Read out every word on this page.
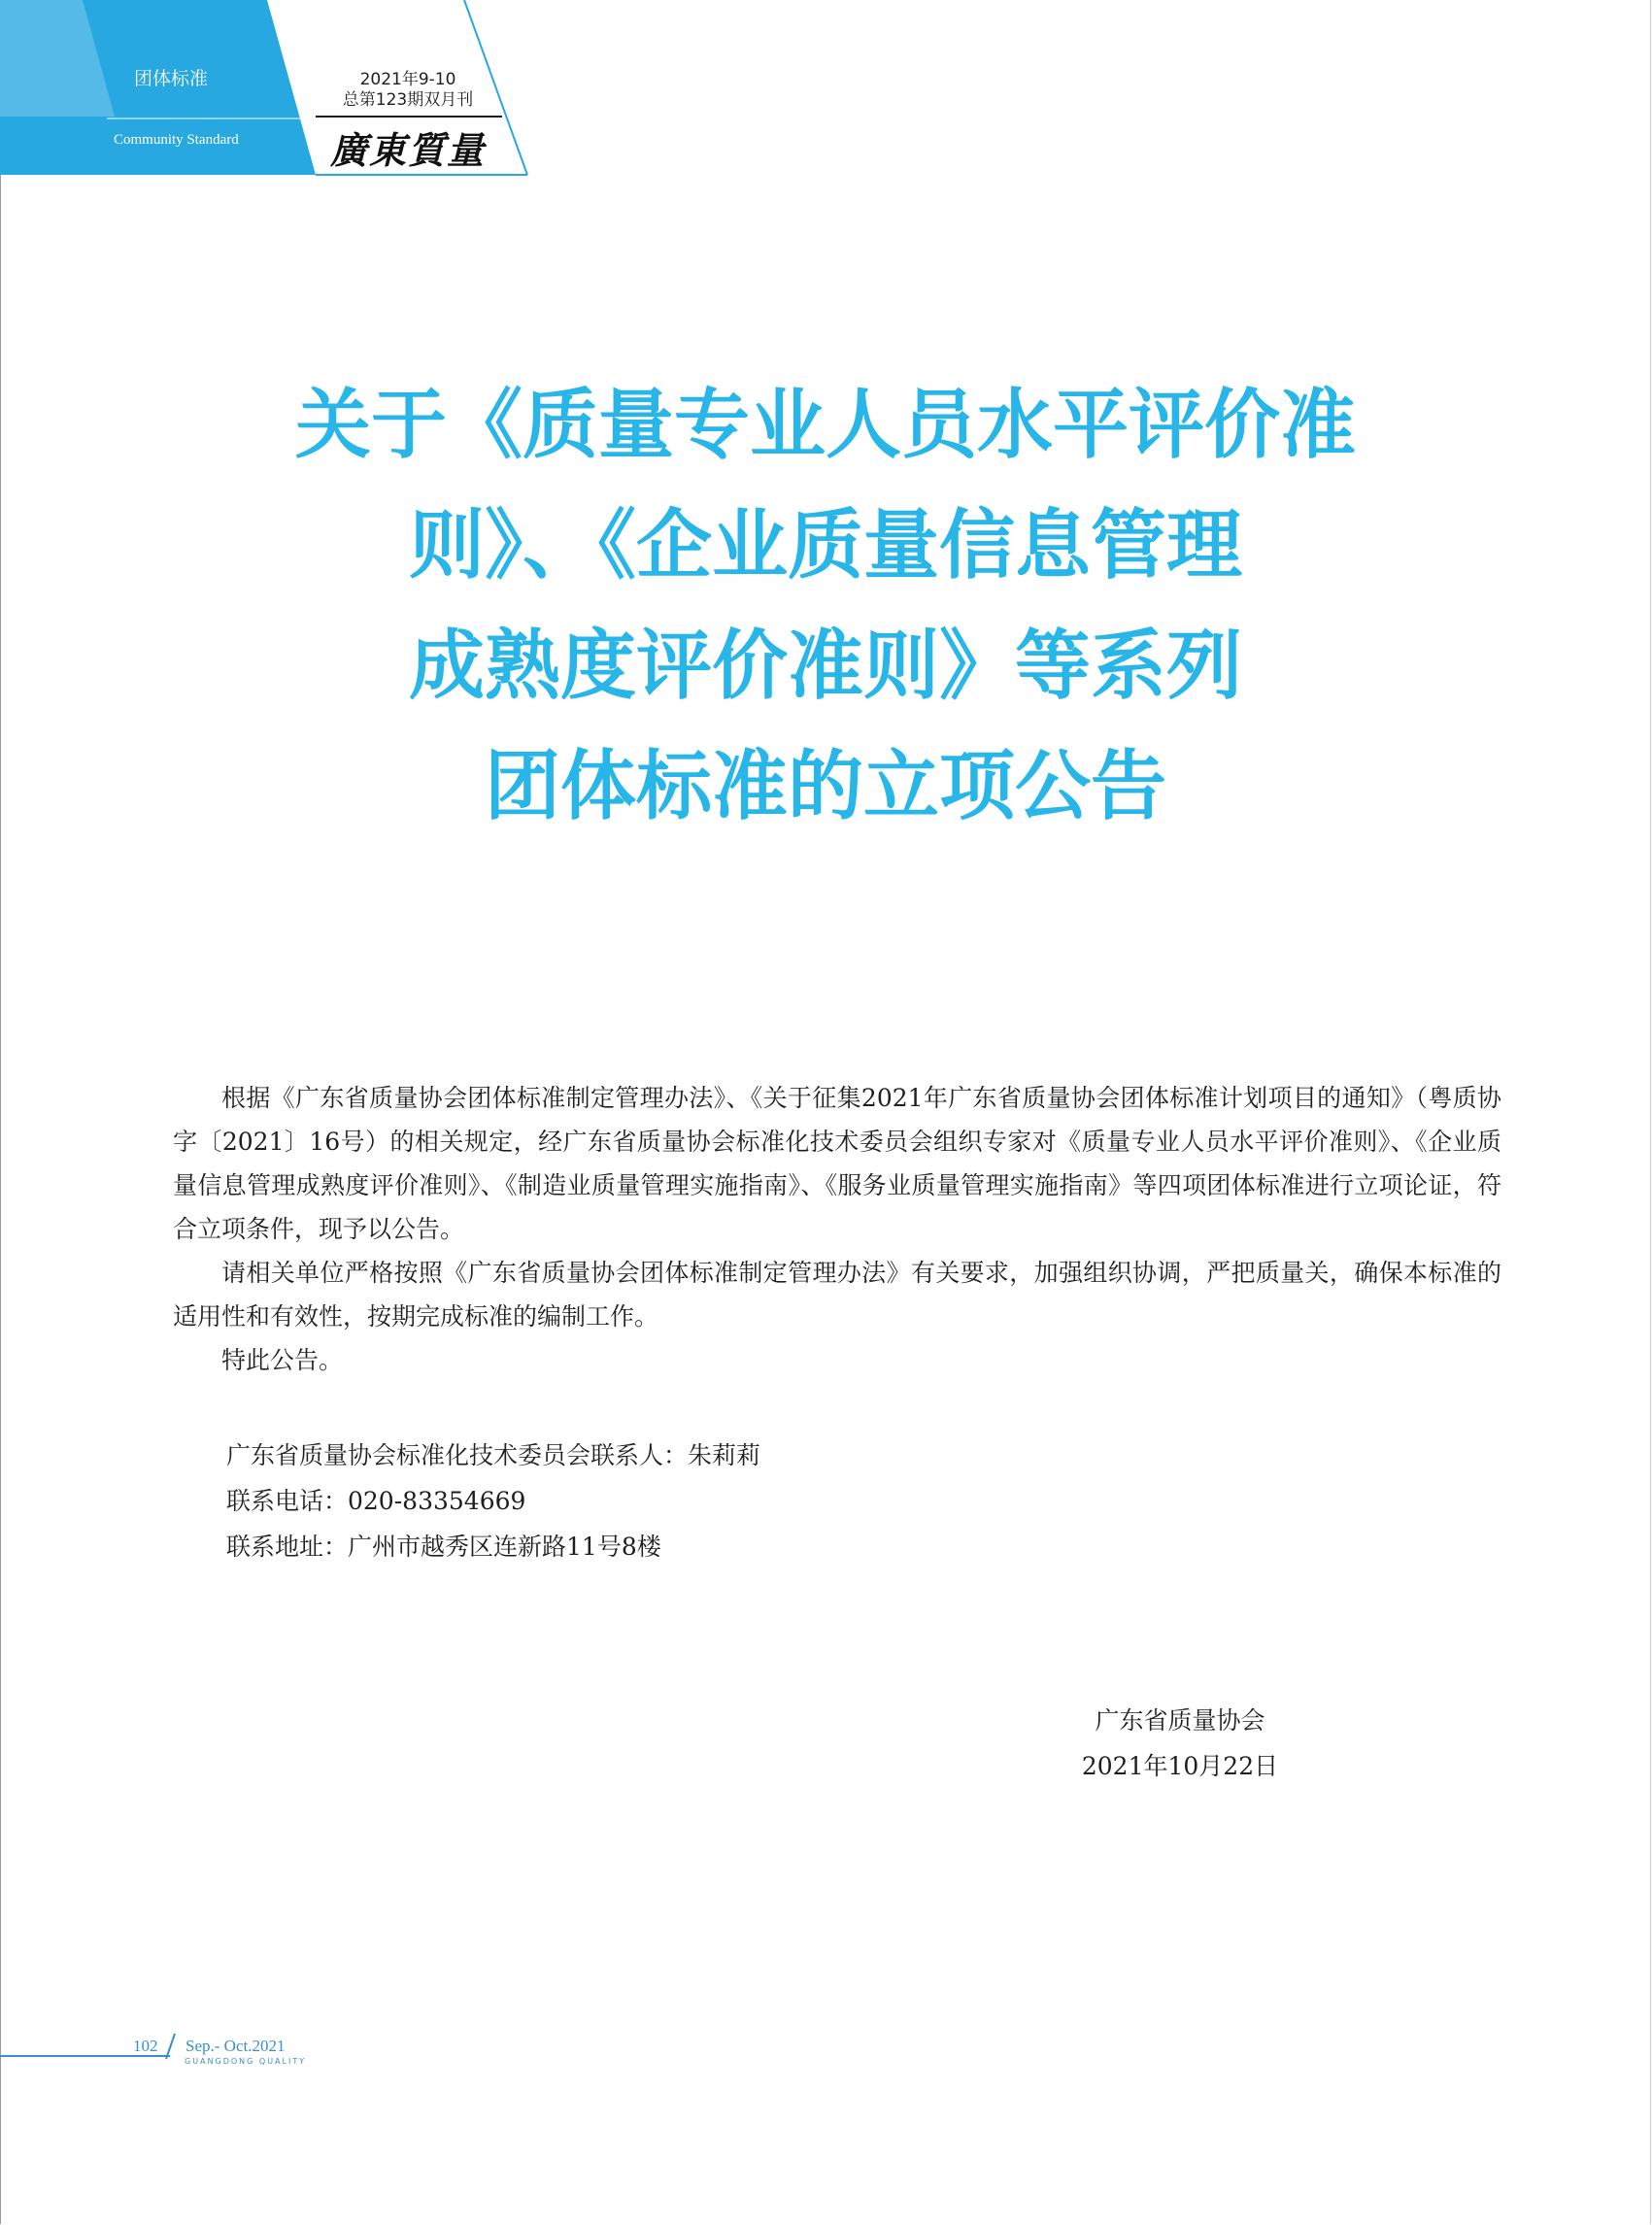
团体标准
Community Standard
2021年9-10
总第123期双月刊
廣東質量
关于《质量专业人员水平评价准
则》、《企业质量信息管理
成熟度评价准则》等系列
团体标准的立项公告

根据《广东省质量协会团体标准制定管理办法》、《关于征集2021年广东省质量协会团体标准计划项目的通知》（粤质协字〔2021〕16号）的相关规定，经广东省质量协会标准化技术委员会组织专家对《质量专业人员水平评价准则》、《企业质量信息管理成熟度评价准则》、《制造业质量管理实施指南》、《服务业质量管理实施指南》等四项团体标准进行立项论证，符合立项条件，现予以公告。

请相关单位严格按照《广东省质量协会团体标准制定管理办法》有关要求，加强组织协调，严把质量关，确保本标准的适用性和有效性，按期完成标准的编制工作。

特此公告。

广东省质量协会标准化技术委员会联系人：朱莉莉
联系电话：020-83354669
联系地址：广州市越秀区连新路11号8楼
广东省质量协会
2021年10月22日
102 Sep.- Oct.2021
GUANGDONG QUALITY
